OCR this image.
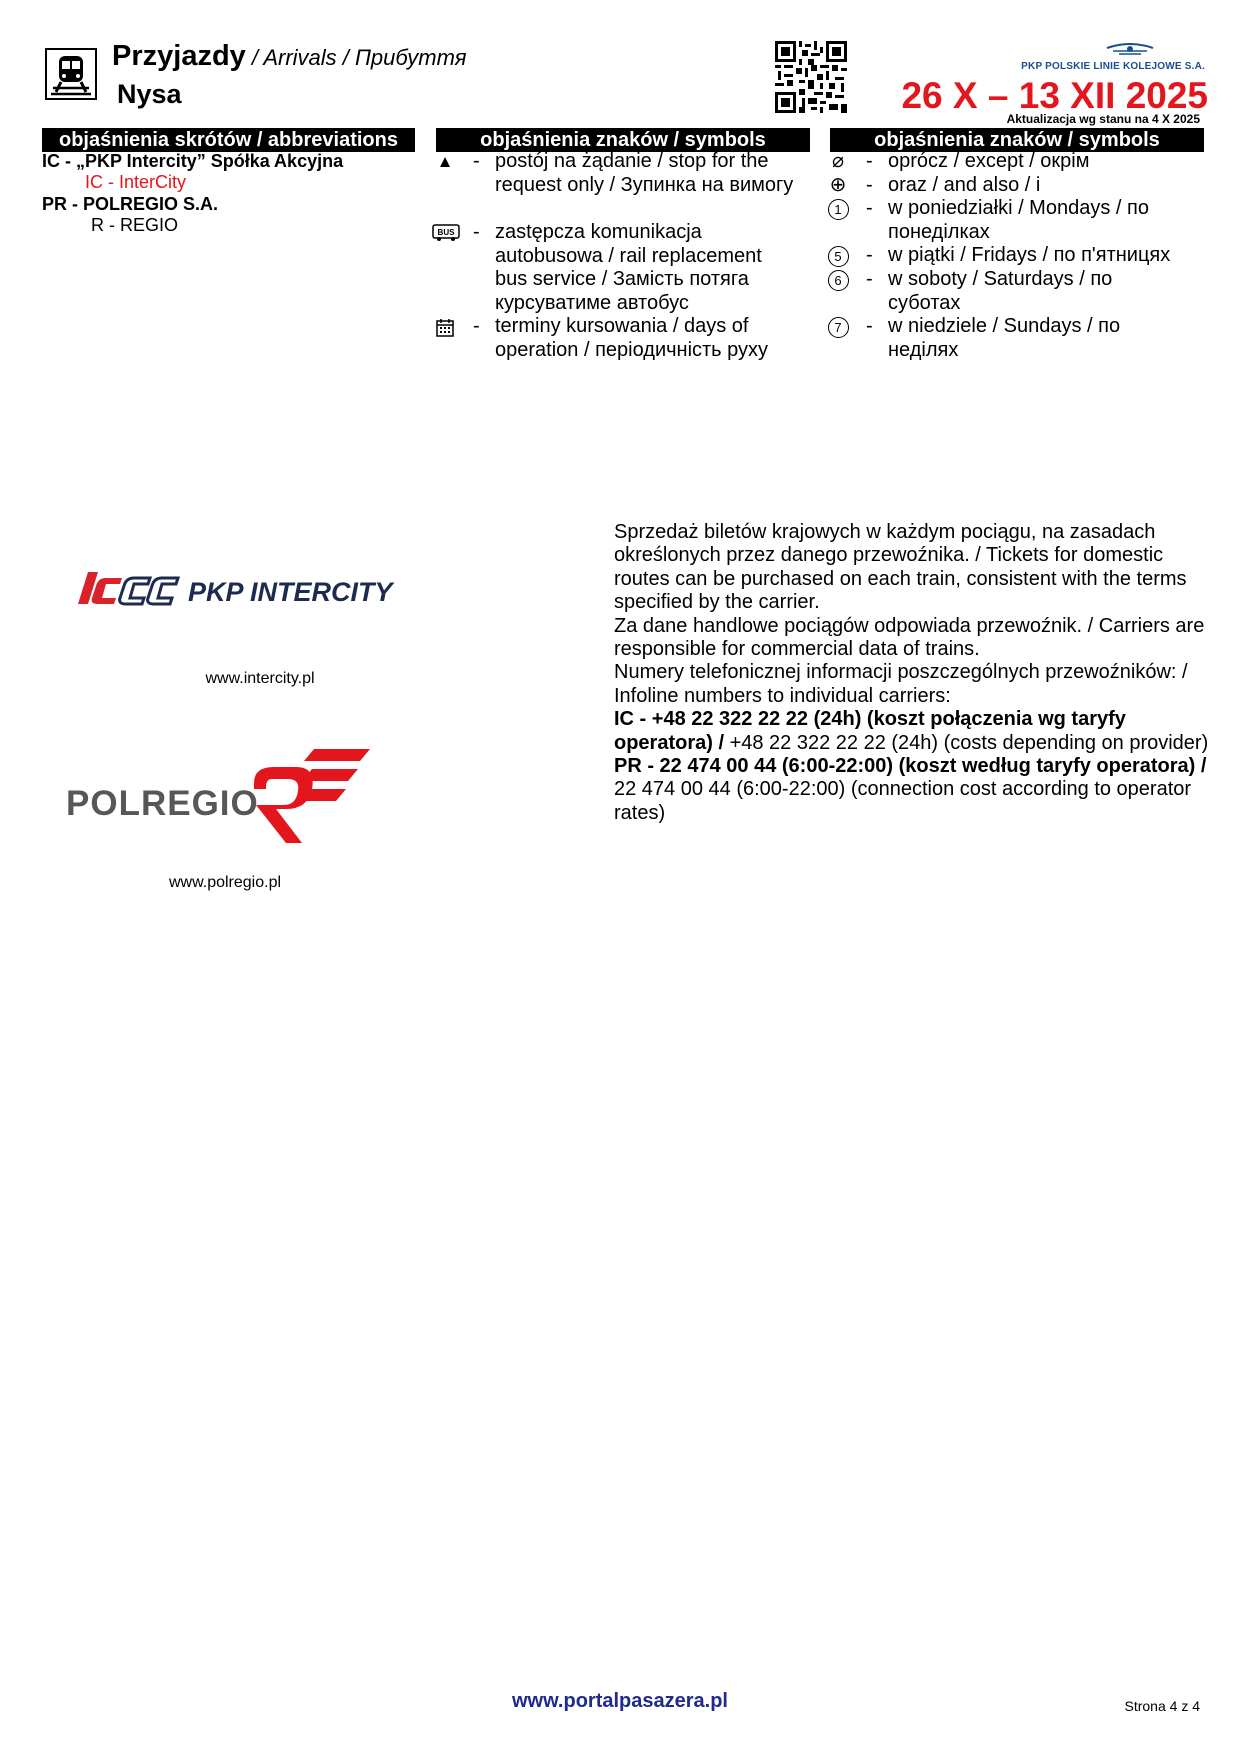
Przyjazdy / Arrivals / Прибуття
Nysa
PKP POLSKIE LINIE KOLEJOWE S.A.
26 X – 13 XII 2025
Aktualizacja wg stanu na 4 X 2025
objaśnienia skrótów / abbreviations	objaśnienia znaków / symbols	objaśnienia znaków / symbols
IC - „PKP Intercity” Spółka Akcyjna
IC - InterCity
PR - POLREGIO S.A.
R - REGIO
▲ - postój na żądanie / stop for the request only / Зупинка на вимогу
BUS - zastępcza komunikacja autobusowa / rail replacement bus service / Замість потяга курсуватиме автобус
- terminy kursowania / days of operation / періодичність руху
⌀	- oprócz / except / окрім
⊕ - oraz / and also / і
1	- w poniedziałki / Mondays / по понеділках
5	- w piątki / Fridays / по п'ятницях
6	- w soboty / Saturdays / по суботах
7	- w niedziele / Sundays / по неділях
PKP INTERCITY
www.intercity.pl
POLREGIO
www.polregio.pl

Sprzedaż biletów krajowych w każdym pociągu, na zasadach określonych przez danego przewoźnika. / Tickets for domestic routes can be purchased on each train, consistent with the terms specified by the carrier.

Za dane handlowe pociągów odpowiada przewoźnik. / Carriers are responsible for commercial data of trains.

Numery telefonicznej informacji poszczególnych przewoźników: / Infoline numbers to individual carriers:

IC - +48 22 322 22 22 (24h) (koszt połączenia wg taryfy operatora) / +48 22 322 22 22 (24h) (costs depending on provider)

PR - 22 474 00 44 (6:00-22:00) (koszt według taryfy operatora) / 22 474 00 44 (6:00-22:00) (connection cost according to operator rates)

www.portalpasazera.pl	Strona 4 z 4
